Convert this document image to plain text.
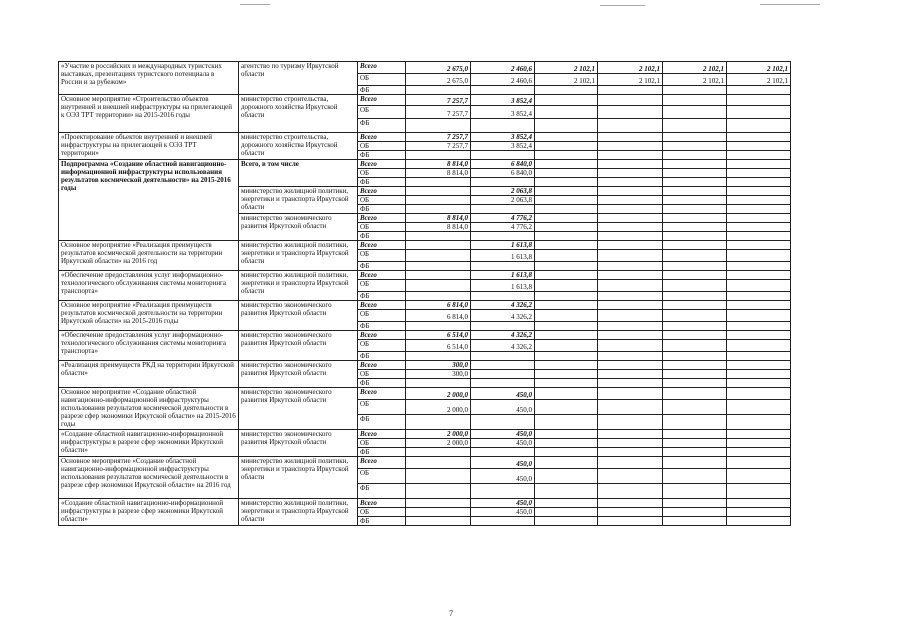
«Участие в российских и международных туристских выставках, презентациях туристского потенциала в России и за рубежом»	агентство по туризму Иркутской области	Всего	2 675,0	2 460,6	2 102,1	2 102,1	2 102,1	2 102,1
		ОБ	2 675,0	2 460,6	2 102,1	2 102,1	2 102,1	2 102,1
		ФБ						
Основное мероприятие «Строительство объектов внутренней и внешней инфраструктуры на прилегающей к ОЭЗ ТРТ территории» на 2015-2016 годы	министерство строительства, дорожного хозяйства Иркутской области	Всего	7 257,7	3 852,4				
		ОБ	7 257,7	3 852,4				
		ФБ						
«Проектирование объектов внутренней и внешней инфраструктуры на прилегающей к ОЭЗ ТРТ территории»	министерство строительства, дорожного хозяйства Иркутской области	Всего	7 257,7	3 852,4				
		ОБ	7 257,7	3 852,4				
		ФБ						
Подпрограмма «Создание областной навигационно-информационной инфраструктуры использования результатов космической деятельности» на 2015-2016 годы	Всего, в том числе	Всего	8 814,0	6 840,0				
		ОБ	8 814,0	6 840,0				
		ФБ						
	министерство жилищной политики, энергетики и транспорта Иркутской области	Всего		2 063,8				
		ОБ		2 063,8				
		ФБ						
	министерство экономического развития Иркутской области	Всего	8 814,0	4 776,2				
		ОБ	8 814,0	4 776,2				
		ФБ						
Основное мероприятие «Реализация преимуществ результатов космической деятельности на территории Иркутской области» на 2016 год	министерство жилищной политики, энергетики и транспорта Иркутской области	Всего		1 613,8				
		ОБ		1 613,8				
		ФБ						
«Обеспечение предоставления услуг информационно-технологического обслуживания системы мониторинга транспорта»	министерство жилищной политики, энергетики и транспорта Иркутской области	Всего		1 613,8				
		ОБ		1 613,8				
		ФБ						
Основное мероприятие «Реализация преимуществ результатов космической деятельности на территории Иркутской области» на 2015-2016 годы	министерство экономического развития Иркутской области	Всего	6 814,0	4 326,2				
		ОБ	6 814,0	4 326,2				
		ФБ						
«Обеспечение предоставления услуг информационно-технологического обслуживания системы мониторинга транспорта»	министерство экономического развития Иркутской области	Всего	6 514,0	4 326,2				
		ОБ	6 514,0	4 326,2				
		ФБ						
«Реализация преимуществ РКД на территории Иркутской области»	министерство экономического развития Иркутской области	Всего	300,0					
		ОБ	300,0					
		ФБ						
Основное мероприятие «Создание областной навигационно-информационной инфраструктуры использования результатов космической деятельности в разрезе сфер экономики Иркутской области» на 2015-2016 годы	министерство экономического развития Иркутской области	Всего	2 000,0	450,0				
		ОБ	2 000,0	450,0				
		ФБ						
«Создание областной навигационно-информационной инфраструктуры в разрезе сфер экономики Иркутской области»	министерство экономического развития Иркутской области	Всего	2 000,0	450,0				
		ОБ	2 000,0	450,0				
		ФБ						
Основное мероприятие «Создание областной навигационно-информационной инфраструктуры использования результатов космической деятельности в разрезе сфер экономики Иркутской области» на 2016 год	министерство жилищной политики, энергетики и транспорта Иркутской области	Всего		450,0				
		ОБ		450,0				
		ФБ						
«Создание областной навигационно-информационной инфраструктуры в разрезе сфер экономики Иркутской области»	министерство жилищной политики, энергетики и транспорта Иркутской области	Всего		450,0				
		ОБ		450,0				
		ФБ						
7
